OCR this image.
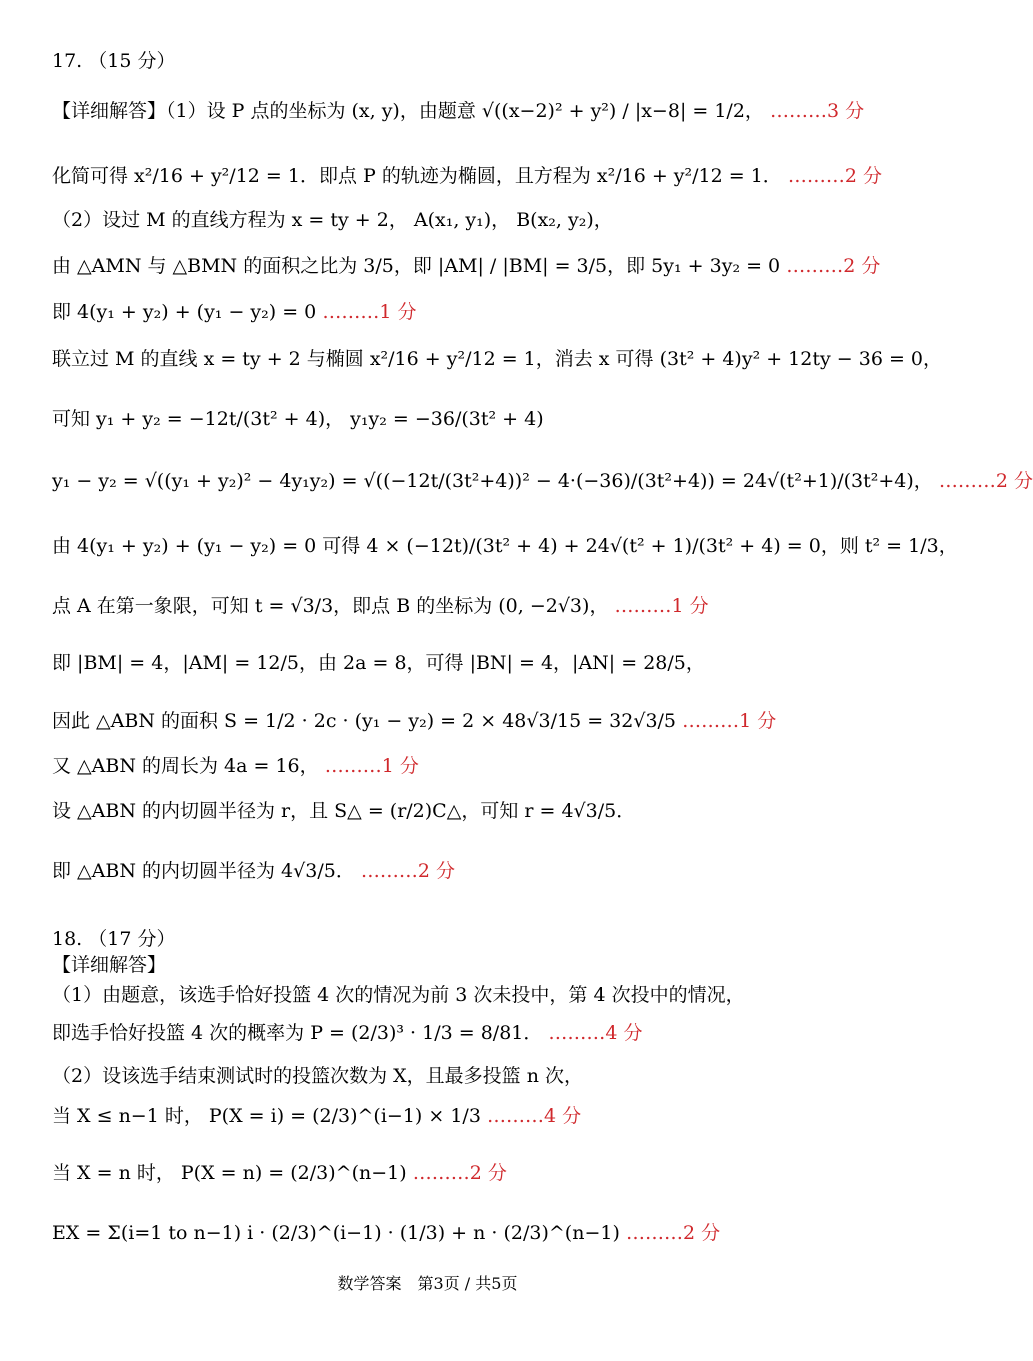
17. （15 分）
【详细解答】（1）设 P 点的坐标为 (x, y)，由题意 √((x−2)² + y²) / |x−8| = 1/2， ………3 分
化简可得 x²/16 + y²/12 = 1．即点 P 的轨迹为椭圆，且方程为 x²/16 + y²/12 = 1． ………2 分
（2）设过 M 的直线方程为 x = ty + 2， A(x₁, y₁)， B(x₂, y₂)，
由 △AMN 与 △BMN 的面积之比为 3/5，即 |AM| / |BM| = 3/5，即 5y₁ + 3y₂ = 0 ………2 分
即 4(y₁ + y₂) + (y₁ − y₂) = 0 ………1 分
联立过 M 的直线 x = ty + 2 与椭圆 x²/16 + y²/12 = 1，消去 x 可得 (3t² + 4)y² + 12ty − 36 = 0，
可知 y₁ + y₂ = −12t/(3t² + 4)， y₁y₂ = −36/(3t² + 4)
y₁ − y₂ = √((y₁ + y₂)² − 4y₁y₂) = √((−12t/(3t²+4))² − 4·(−36)/(3t²+4)) = 24√(t²+1)/(3t²+4)， ………2 分
由 4(y₁ + y₂) + (y₁ − y₂) = 0 可得 4 × (−12t)/(3t² + 4) + 24√(t² + 1)/(3t² + 4) = 0，则 t² = 1/3，
点 A 在第一象限，可知 t = √3/3，即点 B 的坐标为 (0, −2√3)， ………1 分
即 |BM| = 4，|AM| = 12/5，由 2a = 8，可得 |BN| = 4，|AN| = 28/5，
因此 △ABN 的面积 S = 1/2 · 2c · (y₁ − y₂) = 2 × 48√3/15 = 32√3/5 ………1 分
又 △ABN 的周长为 4a = 16， ………1 分
设 △ABN 的内切圆半径为 r，且 S△ = (r/2)C△，可知 r = 4√3/5．
即 △ABN 的内切圆半径为 4√3/5． ………2 分
18. （17 分）
【详细解答】
（1）由题意，该选手恰好投篮 4 次的情况为前 3 次未投中，第 4 次投中的情况，
即选手恰好投篮 4 次的概率为 P = (2/3)³ · 1/3 = 8/81． ………4 分
（2）设该选手结束测试时的投篮次数为 X，且最多投篮 n 次，
当 X ≤ n−1 时， P(X = i) = (2/3)^(i−1) × 1/3 ………4 分
当 X = n 时， P(X = n) = (2/3)^(n−1) ………2 分
EX = Σ(i=1 to n−1) i · (2/3)^(i−1) · (1/3) + n · (2/3)^(n−1) ………2 分
数学答案　第3页 / 共5页
